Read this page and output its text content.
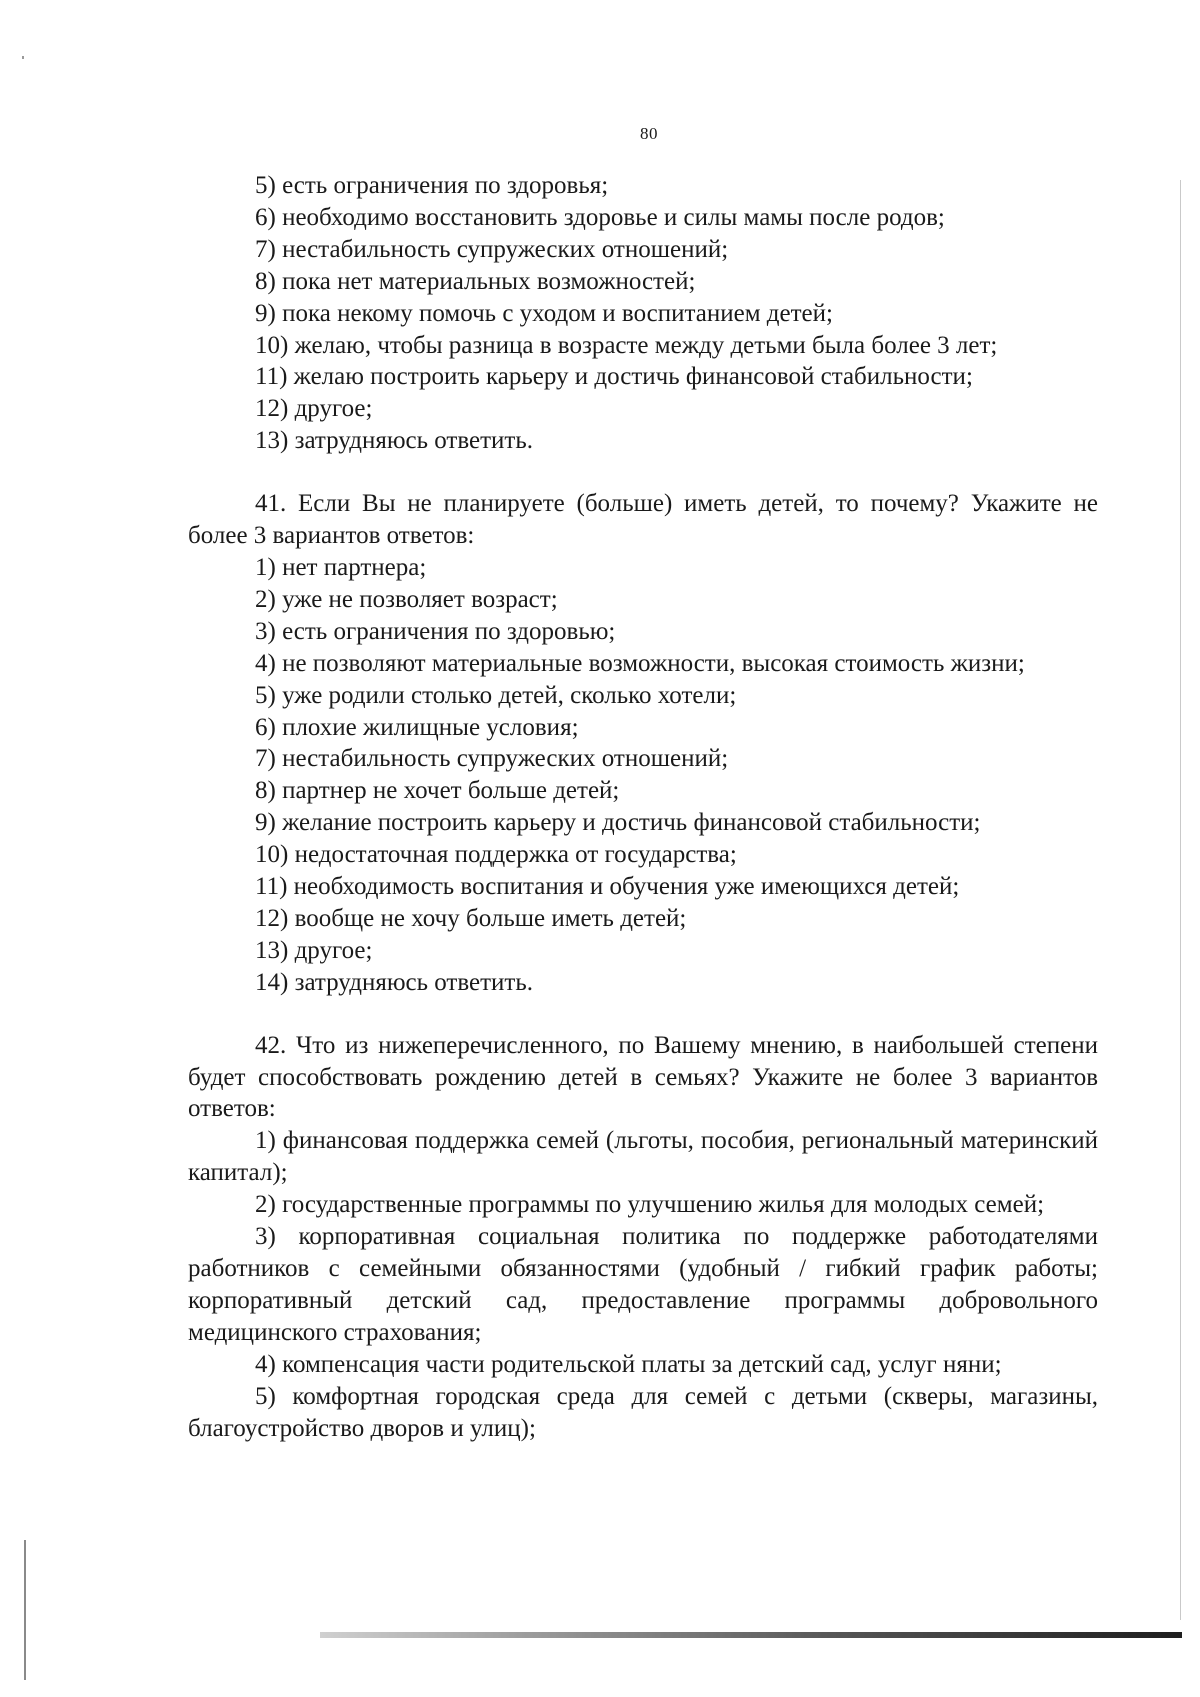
80
5) есть ограничения по здоровья;
6) необходимо восстановить здоровье и силы мамы после родов;
7) нестабильность супружеских отношений;
8) пока нет материальных возможностей;
9) пока некому помочь с уходом и воспитанием детей;
10) желаю, чтобы разница в возрасте между детьми была более 3 лет;
11) желаю построить карьеру и достичь финансовой стабильности;
12) другое;
13) затрудняюсь ответить.
41. Если Вы не планируете (больше) иметь детей, то почему? Укажите не более 3 вариантов ответов:
1) нет партнера;
2) уже не позволяет возраст;
3) есть ограничения по здоровью;
4) не позволяют материальные возможности, высокая стоимость жизни;
5) уже родили столько детей, сколько хотели;
6) плохие жилищные условия;
7) нестабильность супружеских отношений;
8) партнер не хочет больше детей;
9) желание построить карьеру и достичь финансовой стабильности;
10) недостаточная поддержка от государства;
11) необходимость воспитания и обучения уже имеющихся детей;
12) вообще не хочу больше иметь детей;
13) другое;
14) затрудняюсь ответить.
42. Что из нижеперечисленного, по Вашему мнению, в наибольшей степени будет способствовать рождению детей в семьях? Укажите не более 3 вариантов ответов:
1) финансовая поддержка семей (льготы, пособия, региональный материнский капитал);
2) государственные программы по улучшению жилья для молодых семей;
3) корпоративная социальная политика по поддержке работодателями работников с семейными обязанностями (удобный / гибкий график работы; корпоративный детский сад, предоставление программы добровольного медицинского страхования;
4) компенсация части родительской платы за детский сад, услуг няни;
5) комфортная городская среда для семей с детьми (скверы, магазины, благоустройство дворов и улиц);
